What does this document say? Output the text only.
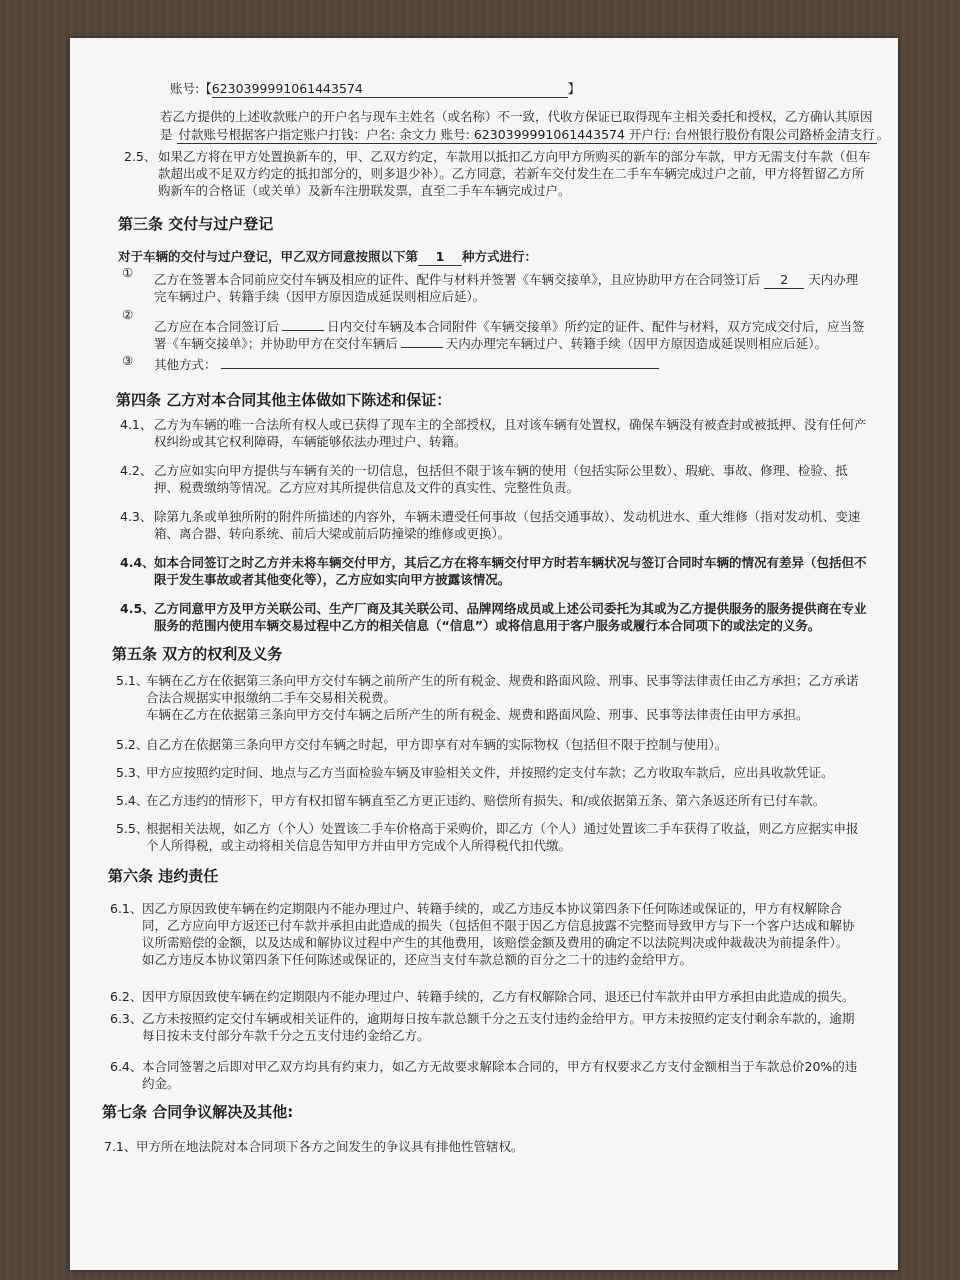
账号:【6230399991061443574	】
若乙方提供的上述收款账户的开户名与现车主姓名（或名称）不一致，代收方保证已取得现车主相关委托和授权，乙方确认其原因
是 付款账号根据客户指定账户打钱：户名: 余文力 账号: 6230399991061443574 开户行: 台州银行股份有限公司路桥金清支行 。
2.5、 如果乙方将在甲方处置换新车的，甲、乙双方约定，车款用以抵扣乙方向甲方所购买的新车的部分车款，甲方无需支付车款（但车
款超出或不足双方约定的抵扣部分的，则多退少补）。乙方同意，若新车交付发生在二手车车辆完成过户之前，甲方将暂留乙方所
购新车的合格证（或关单）及新车注册联发票，直至二手车车辆完成过户。
第三条 交付与过户登记
对于车辆的交付与过户登记，甲乙双方同意按照以下第 1 种方式进行：
① 乙方在签署本合同前应交付车辆及相应的证件、配件与材料并签署《车辆交接单》，且应协助甲方在合同签订后 2 天内办理
完车辆过户、转籍手续（因甲方原因造成延误则相应后延）。
②
乙方应在本合同签订后	日内交付车辆及本合同附件《车辆交接单》所约定的证件、配件与材料，双方完成交付后，应当签
署《车辆交接单》；并协助甲方在交付车辆后	天内办理完车辆过户、转籍手续（因甲方原因造成延误则相应后延）。
③ 其他方式：
第四条 乙方对本合同其他主体做如下陈述和保证：
4.1、 乙方为车辆的唯一合法所有权人或已获得了现车主的全部授权，且对该车辆有处置权，确保车辆没有被查封或被抵押、没有任何产
权纠纷或其它权利障碍，车辆能够依法办理过户、转籍。
4.2、 乙方应如实向甲方提供与车辆有关的一切信息，包括但不限于该车辆的使用（包括实际公里数）、瑕疵、事故、修理、检验、抵
押、税费缴纳等情况。乙方应对其所提供信息及文件的真实性、完整性负责。
4.3、 除第九条或单独所附的附件所描述的内容外，车辆未遭受任何事故（包括交通事故）、发动机进水、重大维修（指对发动机、变速
箱、离合器、转向系统、前后大梁或前后防撞梁的维修或更换）。
4.4、 如本合同签订之时乙方并未将车辆交付甲方，其后乙方在将车辆交付甲方时若车辆状况与签订合同时车辆的情况有差异（包括但不
限于发生事故或者其他变化等），乙方应如实向甲方披露该情况。
4.5、 乙方同意甲方及甲方关联公司、生产厂商及其关联公司、品牌网络成员或上述公司委托为其或为乙方提供服务的服务提供商在专业
服务的范围内使用车辆交易过程中乙方的相关信息（“信息”）或将信息用于客户服务或履行本合同项下的或法定的义务。
第五条 双方的权利及义务
5.1、
车辆在乙方在依据第三条向甲方交付车辆之前所产生的所有税金、规费和路面风险、刑事、民事等法律责任由乙方承担；乙方承诺
合法合规据实申报缴纳二手车交易相关税费。
车辆在乙方在依据第三条向甲方交付车辆之后所产生的所有税金、规费和路面风险、刑事、民事等法律责任由甲方承担。
5.2、
自乙方在依据第三条向甲方交付车辆之时起，甲方即享有对车辆的实际物权（包括但不限于控制与使用）。
5.3、
甲方应按照约定时间、地点与乙方当面检验车辆及审验相关文件，并按照约定支付车款；乙方收取车款后，应出具收款凭证。
5.4、
在乙方违约的情形下，甲方有权扣留车辆直至乙方更正违约、赔偿所有损失、和/或依据第五条、第六条返还所有已付车款。
5.5、
根据相关法规，如乙方（个人）处置该二手车价格高于采购价，即乙方（个人）通过处置该二手车获得了收益，则乙方应据实申报
个人所得税，或主动将相关信息告知甲方并由甲方完成个人所得税代扣代缴。
第六条 违约责任
6.1、 因乙方原因致使车辆在约定期限内不能办理过户、转籍手续的，或乙方违反本协议第四条下任何陈述或保证的，甲方有权解除合
同，乙方应向甲方返还已付车款并承担由此造成的损失（包括但不限于因乙方信息披露不完整而导致甲方与下一个客户达成和解协
议所需赔偿的金额，以及达成和解协议过程中产生的其他费用，该赔偿金额及费用的确定不以法院判决或仲裁裁决为前提条件）。
如乙方违反本协议第四条下任何陈述或保证的，还应当支付车款总额的百分之二十的违约金给甲方。
6.2、 因甲方原因致使车辆在约定期限内不能办理过户、转籍手续的，乙方有权解除合同、退还已付车款并由甲方承担由此造成的损失。
6.3、 乙方未按照约定交付车辆或相关证件的，逾期每日按车款总额千分之五支付违约金给甲方。甲方未按照约定支付剩余车款的，逾期
每日按未支付部分车款千分之五支付违约金给乙方。
6.4、 本合同签署之后即对甲乙双方均具有约束力，如乙方无故要求解除本合同的，甲方有权要求乙方支付金额相当于车款总价20%的违
约金。
第七条 合同争议解决及其他:
7.1、 甲方所在地法院对本合同项下各方之间发生的争议具有排他性管辖权。
